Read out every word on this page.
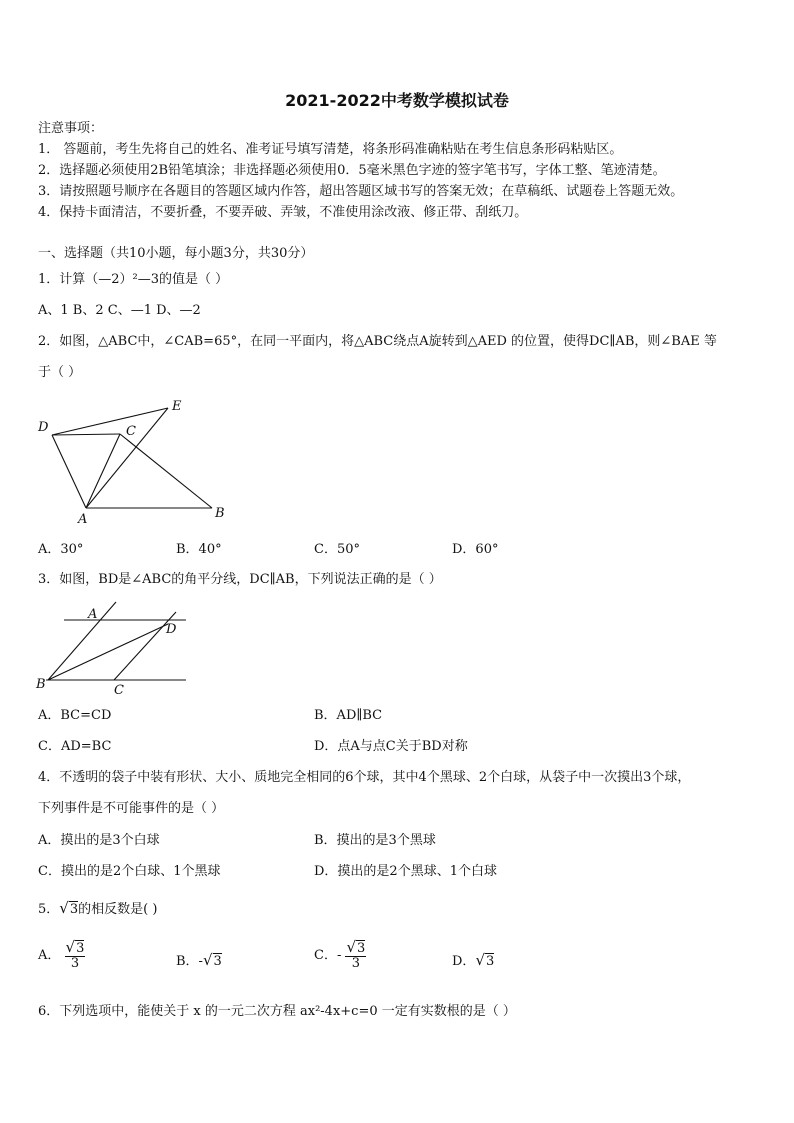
2021-2022中考数学模拟试卷
注意事项：
1． 答题前，考生先将自己的姓名、准考证号填写清楚，将条形码准确粘贴在考生信息条形码粘贴区。
2．选择题必须使用2B铅笔填涂；非选择题必须使用0．5毫米黑色字迹的签字笔书写，字体工整、笔迹清楚。
3．请按照题号顺序在各题目的答题区域内作答，超出答题区域书写的答案无效；在草稿纸、试题卷上答题无效。
4．保持卡面清洁，不要折叠，不要弄破、弄皱，不准使用涂改液、修正带、刮纸刀。
一、选择题（共10小题，每小题3分，共30分）
1．计算（—2）²—3的值是（ ）
A、1 B、2 C、—1 D、—2
2．如图，△ABC中，∠CAB=65°，在同一平面内，将△ABC绕点A旋转到△AED 的位置，使得DC∥AB，则∠BAE 等
于（ ）
D
E
C
A	B
A．30°	B．40°	C．50°	D．60°
3．如图，BD是∠ABC的角平分线，DC∥AB，下列说法正确的是（ ）
A
D
B	C
A．BC=CD	B．AD∥BC
C．AD=BC	D．点A与点C关于BD对称
4．不透明的袋子中装有形状、大小、质地完全相同的6个球，其中4个黑球、2个白球，从袋子中一次摸出3个球，
下列事件是不可能事件的是（ ）
A．摸出的是3个白球	B．摸出的是3个黑球
C．摸出的是2个白球、1个黑球	D．摸出的是2个黑球、1个白球
5．√3的相反数是( )
A． $\frac{√3}{3}$	B．-√3	C．- $\frac{√3}{3}$	D．√3
6．下列选项中，能使关于 x 的一元二次方程 ax²-4x+c=0 一定有实数根的是（ ）
